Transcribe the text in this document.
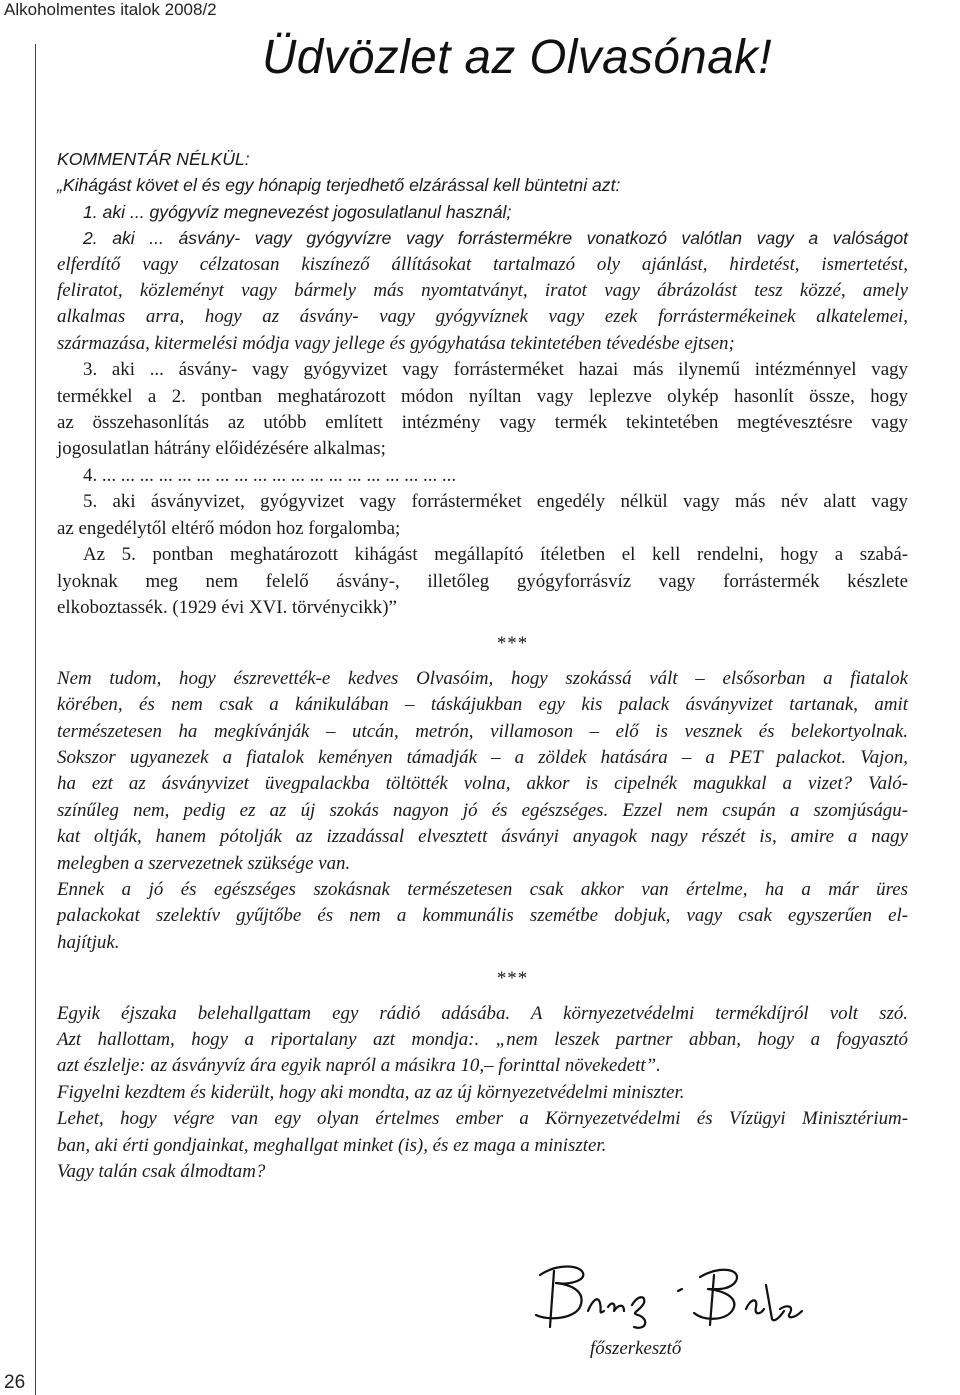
Alkoholmentes italok 2008/2
26
Üdvözlet az Olvasónak!
KOMMENTÁR NÉLKÜL:
„Kihágást követ el és egy hónapig terjedhető elzárással kell büntetni azt:
1. aki ... gyógyvíz megnevezést jogosulatlanul használ;
2. aki ... ásvány- vagy gyógyvízre vagy forrástermékre vonatkozó valótlan vagy a valóságot
elferdítő vagy célzatosan kiszínező állításokat tartalmazó oly ajánlást, hirdetést, ismertetést,
feliratot, közleményt vagy bármely más nyomtatványt, iratot vagy ábrázolást tesz közzé, amely
alkalmas arra, hogy az ásvány- vagy gyógyvíznek vagy ezek forrástermékeinek alkatelemei,
származása, kitermelési módja vagy jellege és gyógyhatása tekintetében tévedésbe ejtsen;
3. aki ... ásvány- vagy gyógyvizet vagy forrásterméket hazai más ilynemű intézménnyel vagy
termékkel a 2. pontban meghatározott módon nyíltan vagy leplezve olykép hasonlít össze, hogy
az összehasonlítás az utóbb említett intézmény vagy termék tekintetében megtévesztésre vagy
jogosulatlan hátrány előidézésére alkalmas;
4. ... ... ... ... ... ... ... ... ... ... ... ... ... ... ... ... ... ... ...
5. aki ásványvizet, gyógyvizet vagy forrásterméket engedély nélkül vagy más név alatt vagy
az engedélytől eltérő módon hoz forgalomba;
Az 5. pontban meghatározott kihágást megállapító ítéletben el kell rendelni, hogy a szabá-
lyoknak meg nem felelő ásvány-, illetőleg gyógyforrásvíz vagy forrástermék készlete
elkoboztassék. (1929 évi XVI. törvénycikk)”
***
Nem tudom, hogy észrevették-e kedves Olvasóim, hogy szokássá vált – elsősorban a fiatalok
körében, és nem csak a kánikulában – táskájukban egy kis palack ásványvizet tartanak, amit
természetesen ha megkívánják – utcán, metrón, villamoson – elő is vesznek és belekortyolnak.
Sokszor ugyanezek a fiatalok keményen támadják – a zöldek hatására – a PET palackot. Vajon,
ha ezt az ásványvizet üvegpalackba töltötték volna, akkor is cipelnék magukkal a vizet? Való-
színűleg nem, pedig ez az új szokás nagyon jó és egészséges. Ezzel nem csupán a szomjúságu-
kat oltják, hanem pótolják az izzadással elvesztett ásványi anyagok nagy részét is, amire a nagy
melegben a szervezetnek szüksége van.
Ennek a jó és egészséges szokásnak természetesen csak akkor van értelme, ha a már üres
palackokat szelektív gyűjtőbe és nem a kommunális szemétbe dobjuk, vagy csak egyszerűen el-
hajítjuk.
***
Egyik éjszaka belehallgattam egy rádió adásába. A környezetvédelmi termékdíjról volt szó.
Azt hallottam, hogy a riportalany azt mondja:. „nem leszek partner abban, hogy a fogyasztó
azt észlelje: az ásványvíz ára egyik napról a másikra 10,– forinttal növekedett”.
Figyelni kezdtem és kiderült, hogy aki mondta, az az új környezetvédelmi miniszter.
Lehet, hogy végre van egy olyan értelmes ember a Környezetvédelmi és Vízügyi Minisztérium-
ban, aki érti gondjainkat, meghallgat minket (is), és ez maga a miniszter.
Vagy talán csak álmodtam?
főszerkesztő
